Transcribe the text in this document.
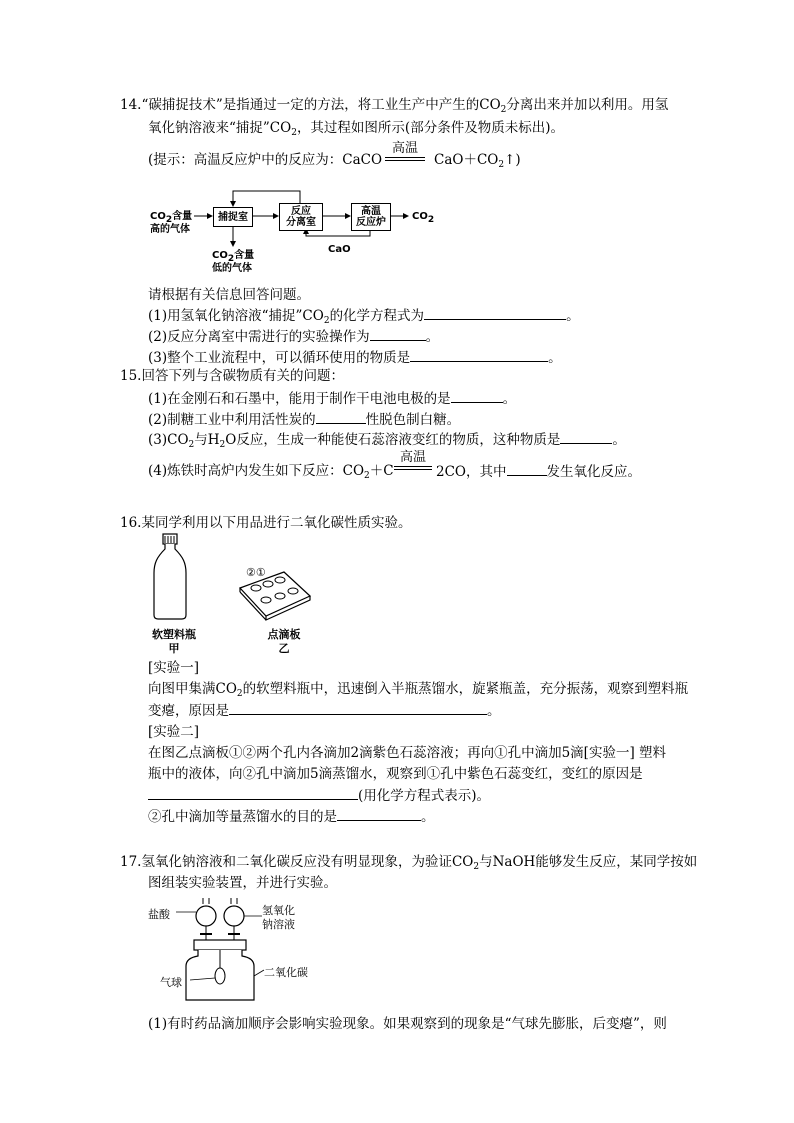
14.“碳捕捉技术”是指通过一定的方法，将工业生产中产生的$CO_2$分离出来并加以利用。用氢
氧化钠溶液来“捕捉$”CO_2$，其过程如图所示(部分条件及物质未标出)。
(提示：高温反应炉中的反应为：CaCO
高温
$CaO+CO_2↑$)
$CO_2$含量
高的气体
捕捉室	反应
分离室
高温
反应炉
$CO_2$
$CO_2$含量
低的气体
CaO
请根据有关信息回答问题。
(1)用氢氧化钠溶液“捕捉$”CO_2$的化学方程式为	。
(2)反应分离室中需进行的实验操作为	。
(3)整个工业流程中，可以循环使用的物质是	。
15.回答下列与含碳物质有关的问题：
(1)在金刚石和石墨中，能用于制作干电池电极的是	。
(2)制糖工业中利用活性炭的	性脱色制白糖。
$(3)CO_2$与$H_2O$反应，生成一种能使石蕊溶液变红的物质，这种物质是	。
(4)炼铁时高炉内发生如下反应：$CO_2+C$
高温
2CO，其中	发生氧化反应。
16.某同学利用以下用品进行二氧化碳性质实验。
软塑料瓶
甲
②①
点滴板
乙
[实验一]
向图甲集满$CO_2$的软塑料瓶中，迅速倒入半瓶蒸馏水，旋紧瓶盖，充分振荡，观察到塑料瓶
变瘪，原因是	。
[实验二]
在图乙点滴板①②两个孔内各滴加2滴紫色石蕊溶液；再向①孔中滴加5滴[实验一] 塑料
瓶中的液体，向②孔中滴加5滴蒸馏水，观察到①孔中紫色石蕊变红，变红的原因是
(用化学方程式表示)。
②孔中滴加等量蒸馏水的目的是	。
17.氢氧化钠溶液和二氧化碳反应没有明显现象，为验证$CO_2$与NaOH能够发生反应，某同学按如
图组装实验装置，并进行实验。
盐酸	氢氧化
钠溶液
二氧化碳
气球
(1)有时药品滴加顺序会影响实验现象。如果观察到的现象是“气球先膨胀，后变瘪”，则
